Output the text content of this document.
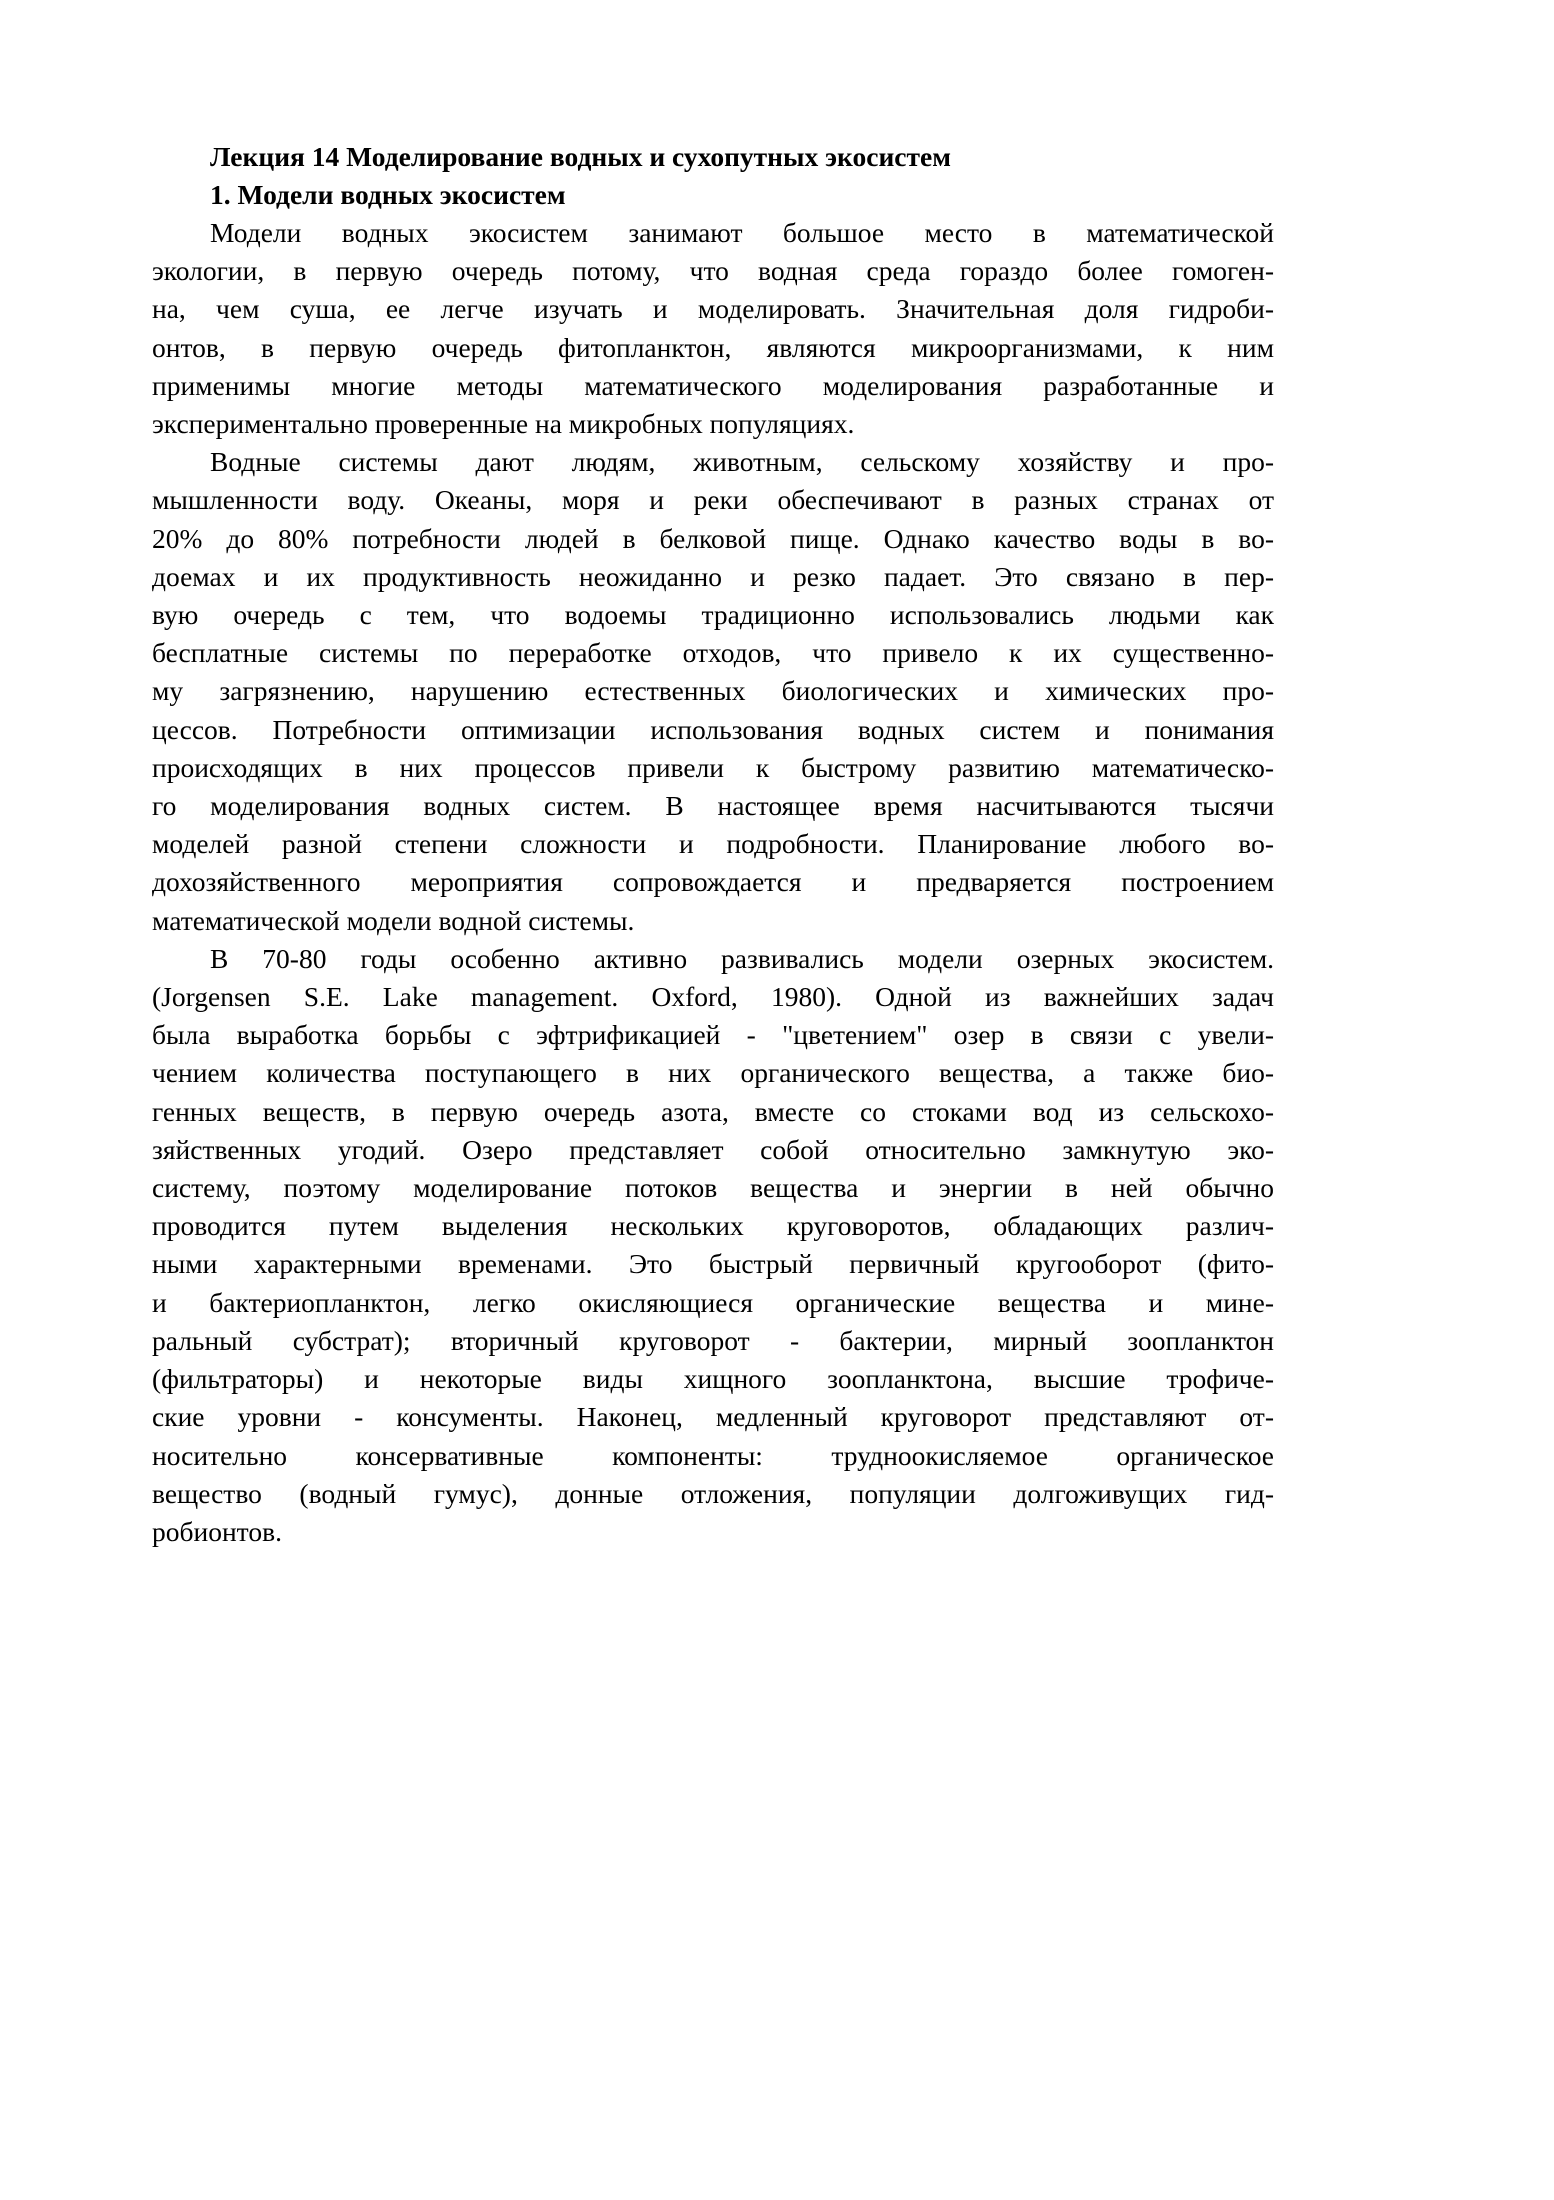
Лекция 14 Моделирование водных и сухопутных экосистем
1. Модели водных экосистем
Модели водных экосистем занимают большое место в математической
экологии, в первую очередь потому, что водная среда гораздо более гомоген-
на, чем суша, ее легче изучать и моделировать. Значительная доля гидроби-
онтов, в первую очередь фитопланктон, являются микроорганизмами, к ним
применимы многие методы математического моделирования разработанные и
экспериментально проверенные на микробных популяциях.
Водные системы дают людям, животным, сельскому хозяйству и про-
мышленности воду. Океаны, моря и реки обеспечивают в разных странах от
20% до 80% потребности людей в белковой пище. Однако качество воды в во-
доемах и их продуктивность неожиданно и резко падает. Это связано в пер-
вую очередь с тем, что водоемы традиционно использовались людьми как
бесплатные системы по переработке отходов, что привело к их существенно-
му загрязнению, нарушению естественных биологических и химических про-
цессов. Потребности оптимизации использования водных систем и понимания
происходящих в них процессов привели к быстрому развитию математическо-
го моделирования водных систем. В настоящее время насчитываются тысячи
моделей разной степени сложности и подробности. Планирование любого во-
дохозяйственного мероприятия сопровождается и предваряется построением
математической модели водной системы.
В 70-80 годы особенно активно развивались модели озерных экосистем.
(Jorgensen S.E. Lake management. Oxford, 1980). Одной из важнейших задач
была выработка борьбы с эфтрификацией - "цветением" озер в связи с увели-
чением количества поступающего в них органического вещества, а также био-
генных веществ, в первую очередь азота, вместе со стоками вод из сельскохо-
зяйственных угодий. Озеро представляет собой относительно замкнутую эко-
систему, поэтому моделирование потоков вещества и энергии в ней обычно
проводится путем выделения нескольких круговоротов, обладающих различ-
ными характерными временами. Это быстрый первичный кругооборот (фито-
и бактериопланктон, легко окисляющиеся органические вещества и мине-
ральный субстрат); вторичный круговорот - бактерии, мирный зоопланктон
(фильтраторы) и некоторые виды хищного зоопланктона, высшие трофиче-
ские уровни - консументы. Наконец, медленный круговорот представляют от-
носительно консервативные компоненты: трудноокисляемое органическое
вещество (водный гумус), донные отложения, популяции долгоживущих гид-
робионтов.
